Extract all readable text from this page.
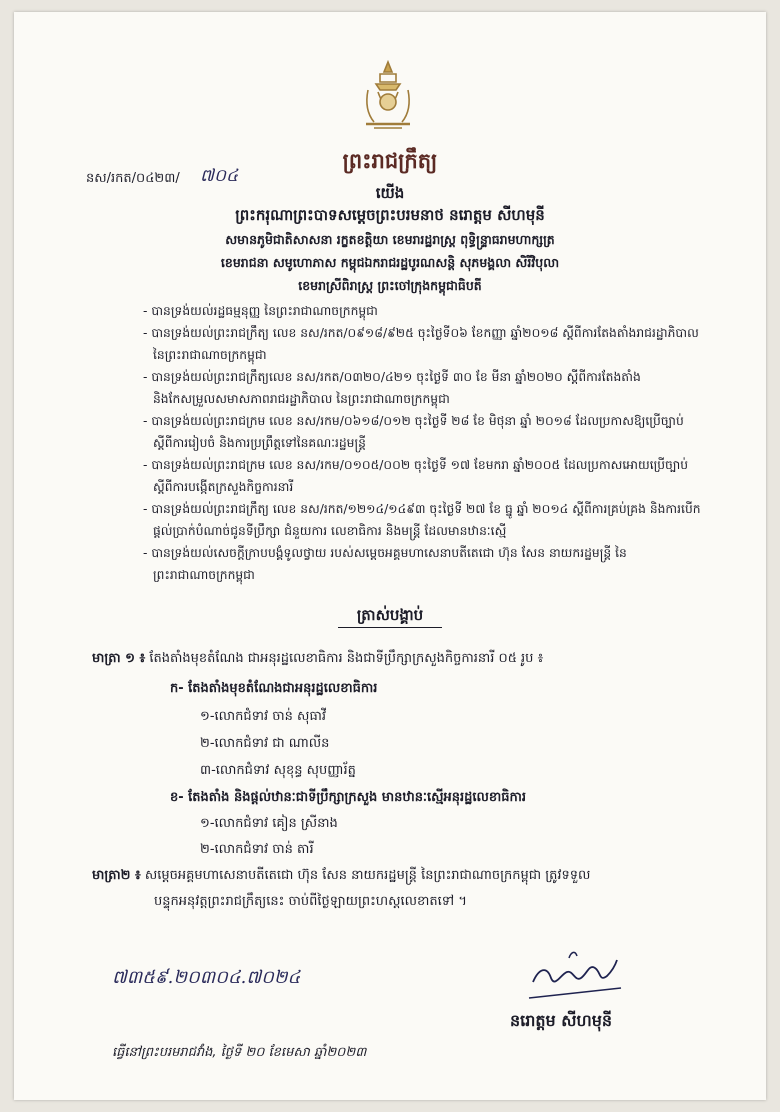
ព្រះរាជក្រឹត្យ
នស/រកត/០៤២៣/ ៧០៤
យើង
ព្រះករុណាព្រះបាទសម្តេចព្រះបរមនាថ នរោត្តម សីហមុនី
សមានភូមិជាតិសាសនា រក្ខតខត្តិយា ខេមរារដ្ឋរាស្ត្រ ពុទ្ធិន្ទ្រាធរាមហាក្សត្រ
ខេមរាជនា សមូហោភាស កម្ពុជឯករាជរដ្ឋបូរណសន្តិ សុភមង្គលា សិរីវិបុលា
ខេមរាស្រីពិរាស្ត្រ ព្រះចៅក្រុងកម្ពុជាធិបតី
- បានទ្រង់យល់រដ្ឋធម្មនុញ្ញ នៃព្រះរាជាណាចក្រកម្ពុជា
- បានទ្រង់យល់ព្រះរាជក្រឹត្យ លេខ នស/រកត/០៩១៨/៩២៥ ចុះថ្ងៃទី០៦ ខែកញ្ញា ឆ្នាំ២០១៨ ស្តីពីការតែងតាំងរាជរដ្ឋាភិបាល នៃព្រះរាជាណាចក្រកម្ពុជា
- បានទ្រង់យល់ព្រះរាជក្រឹត្យលេខ នស/រកត/០៣២០/៤២១ ចុះថ្ងៃទី ៣០ ខែ មីនា ឆ្នាំ២០២០ ស្តីពីការតែងតាំង និងកែសម្រួលសមាសភាពរាជរដ្ឋាភិបាល នៃព្រះរាជាណាចក្រកម្ពុជា
- បានទ្រង់យល់ព្រះរាជក្រម លេខ នស/រកម/០៦១៨/០១២ ចុះថ្ងៃទី ២៨ ខែ មិថុនា ឆ្នាំ ២០១៨ ដែលប្រកាសឱ្យប្រើច្បាប់ស្តីពីការរៀបចំ និងការប្រព្រឹត្តទៅនៃគណៈរដ្ឋមន្ត្រី
- បានទ្រង់យល់ព្រះរាជក្រម លេខ នស/រកម/០១០៥/០០២ ចុះថ្ងៃទី ១៧ ខែមករា ឆ្នាំ២០០៥ ដែលប្រកាសអោយប្រើច្បាប់ស្តីពីការបង្កើតក្រសួងកិច្ចការនារី
- បានទ្រង់យល់ព្រះរាជក្រឹត្យ លេខ នស/រកត/១២១៤/១៤៩៣ ចុះថ្ងៃទី ២៧ ខែ ធ្នូ ឆ្នាំ ២០១៤ ស្តីពីការគ្រប់គ្រង និងការបើកផ្តល់ប្រាក់បំណាច់ជូនទីប្រឹក្សា ជំនួយការ លេខាធិការ និងមន្ត្រី ដែលមានឋានៈស្មើ
- បានទ្រង់យល់សេចក្តីក្រាបបង្គំទូលថ្វាយ របស់សម្តេចអគ្គមហាសេនាបតីតេជោ ហ៊ុន សែន នាយករដ្ឋមន្ត្រី នៃ ព្រះរាជាណាចក្រកម្ពុជា
ត្រាស់បង្គាប់
មាត្រា ១ ៖ តែងតាំងមុខតំណែង ជាអនុរដ្ឋលេខាធិការ និងជាទីប្រឹក្សាក្រសួងកិច្ចការនារី ០៥ រូប ៖
ក- តែងតាំងមុខតំណែងជាអនុរដ្ឋលេខាធិការ
១-លោកជំទាវ ចាន់ សុធាវី
២-លោកជំទាវ ជា ណាលីន
៣-លោកជំទាវ សុខុន្ធ សុបញ្ញារ័ត្ន
ខ- តែងតាំង និងផ្តល់ឋានៈជាទីប្រឹក្សាក្រសួង មានឋានៈស្មើអនុរដ្ឋលេខាធិការ
១-លោកជំទាវ គៀន ស្រីនាង
២-លោកជំទាវ ចាន់ តារី
មាត្រា២ ៖ សម្តេចអគ្គមហាសេនាបតីតេជោ ហ៊ុន សែន នាយករដ្ឋមន្ត្រី នៃព្រះរាជាណាចក្រកម្ពុជា ត្រូវទទួល
បន្ទុកអនុវត្តព្រះរាជក្រឹត្យនេះ ចាប់ពីថ្ងៃឡាយព្រះហស្តលេខាតទៅ ។
៧៣៥៩.២០៣០៤.៧០២៤
នរោត្តម សីហមុនី
ធ្វើនៅព្រះបរមរាជវាំង, ថ្ងៃទី ២០ ខែមេសា ឆ្នាំ២០២៣
